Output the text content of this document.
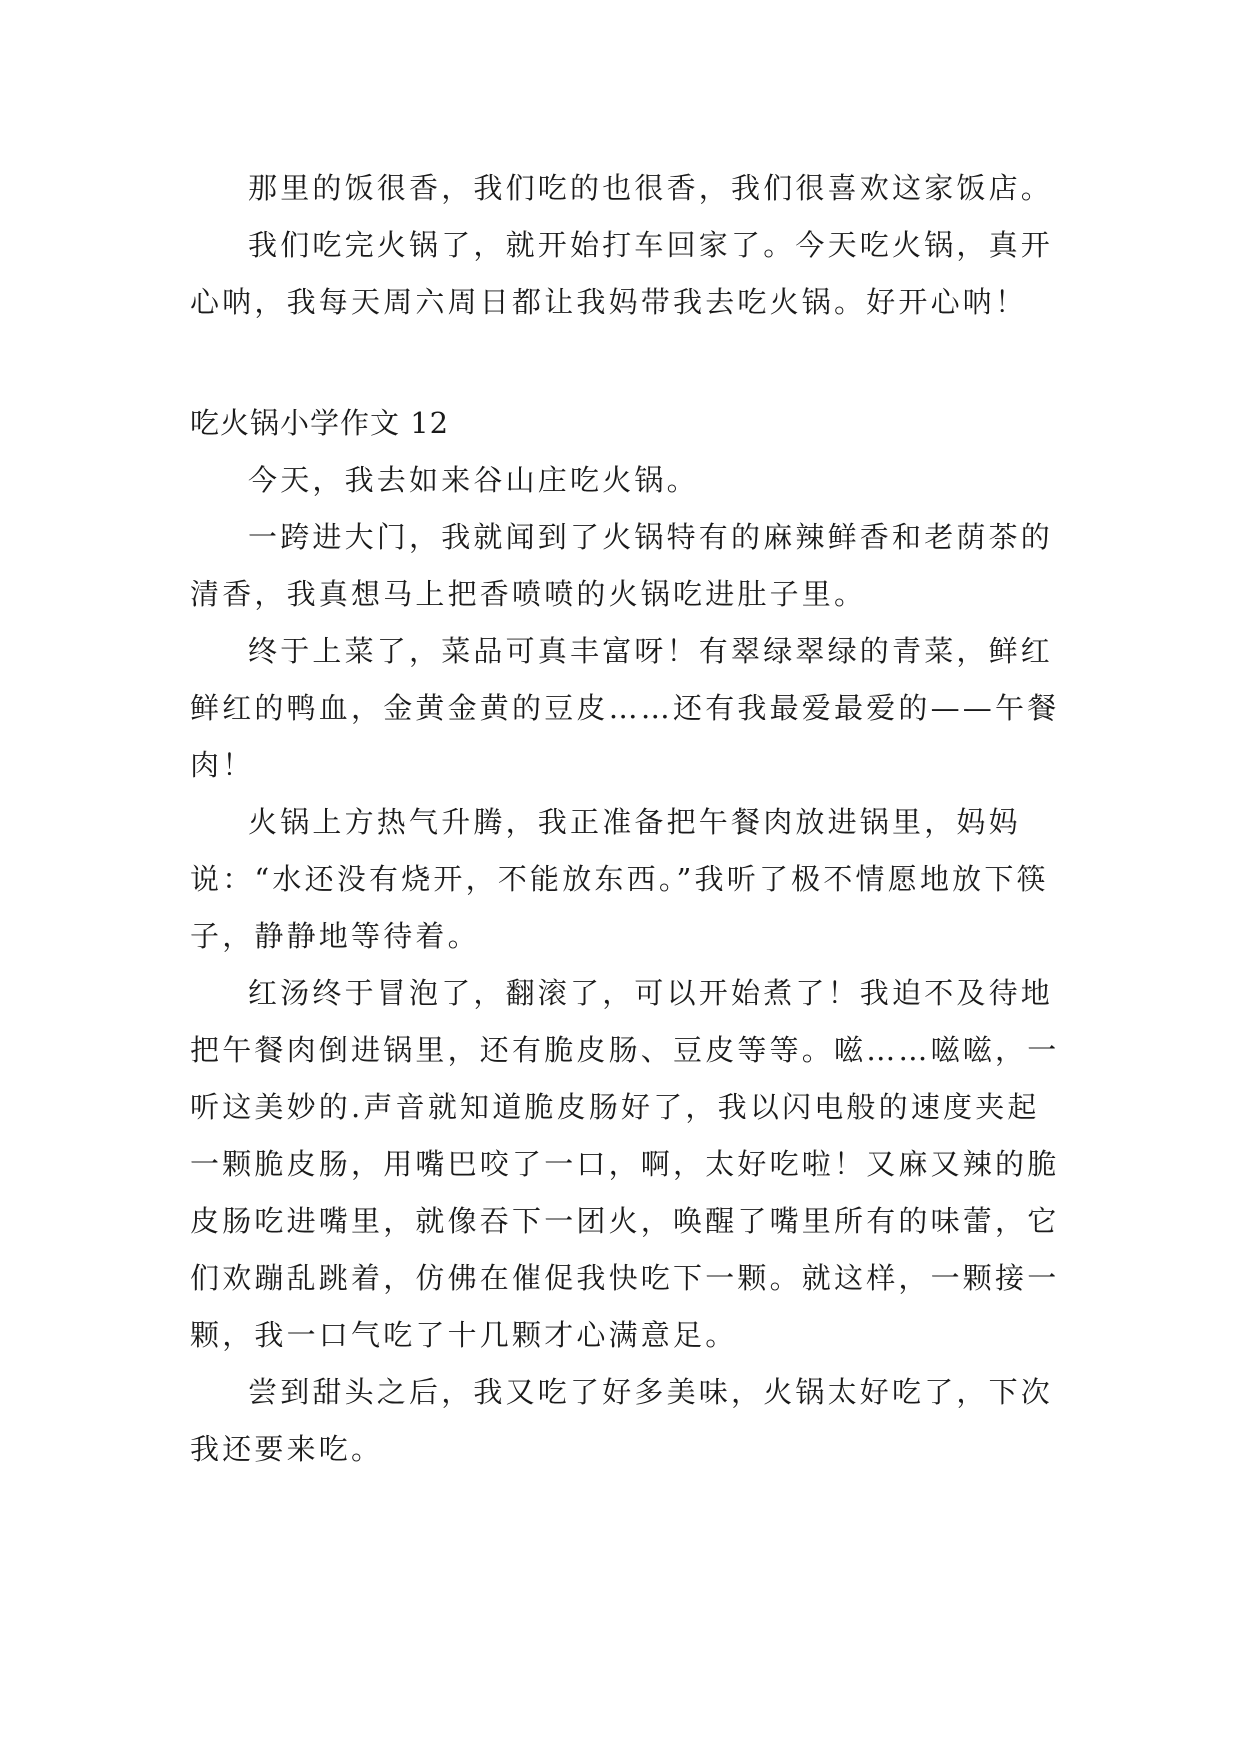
那里的饭很香，我们吃的也很香，我们很喜欢这家饭店。

我们吃完火锅了，就开始打车回家了。今天吃火锅，真开心呐，我每天周六周日都让我妈带我去吃火锅。好开心呐！

吃火锅小学作文 12

今天，我去如来谷山庄吃火锅。

一跨进大门，我就闻到了火锅特有的麻辣鲜香和老荫茶的清香，我真想马上把香喷喷的火锅吃进肚子里。

终于上菜了，菜品可真丰富呀！有翠绿翠绿的青菜，鲜红鲜红的鸭血，金黄金黄的豆皮……还有我最爱最爱的——午餐肉！

火锅上方热气升腾，我正准备把午餐肉放进锅里，妈妈说：“水还没有烧开，不能放东西。”我听了极不情愿地放下筷子，静静地等待着。

红汤终于冒泡了，翻滚了，可以开始煮了！我迫不及待地把午餐肉倒进锅里，还有脆皮肠、豆皮等等。嗞……嗞嗞，一听这美妙的.声音就知道脆皮肠好了，我以闪电般的速度夹起一颗脆皮肠，用嘴巴咬了一口，啊，太好吃啦！又麻又辣的脆皮肠吃进嘴里，就像吞下一团火，唤醒了嘴里所有的味蕾，它们欢蹦乱跳着，仿佛在催促我快吃下一颗。就这样，一颗接一颗，我一口气吃了十几颗才心满意足。

尝到甜头之后，我又吃了好多美味，火锅太好吃了，下次我还要来吃。
